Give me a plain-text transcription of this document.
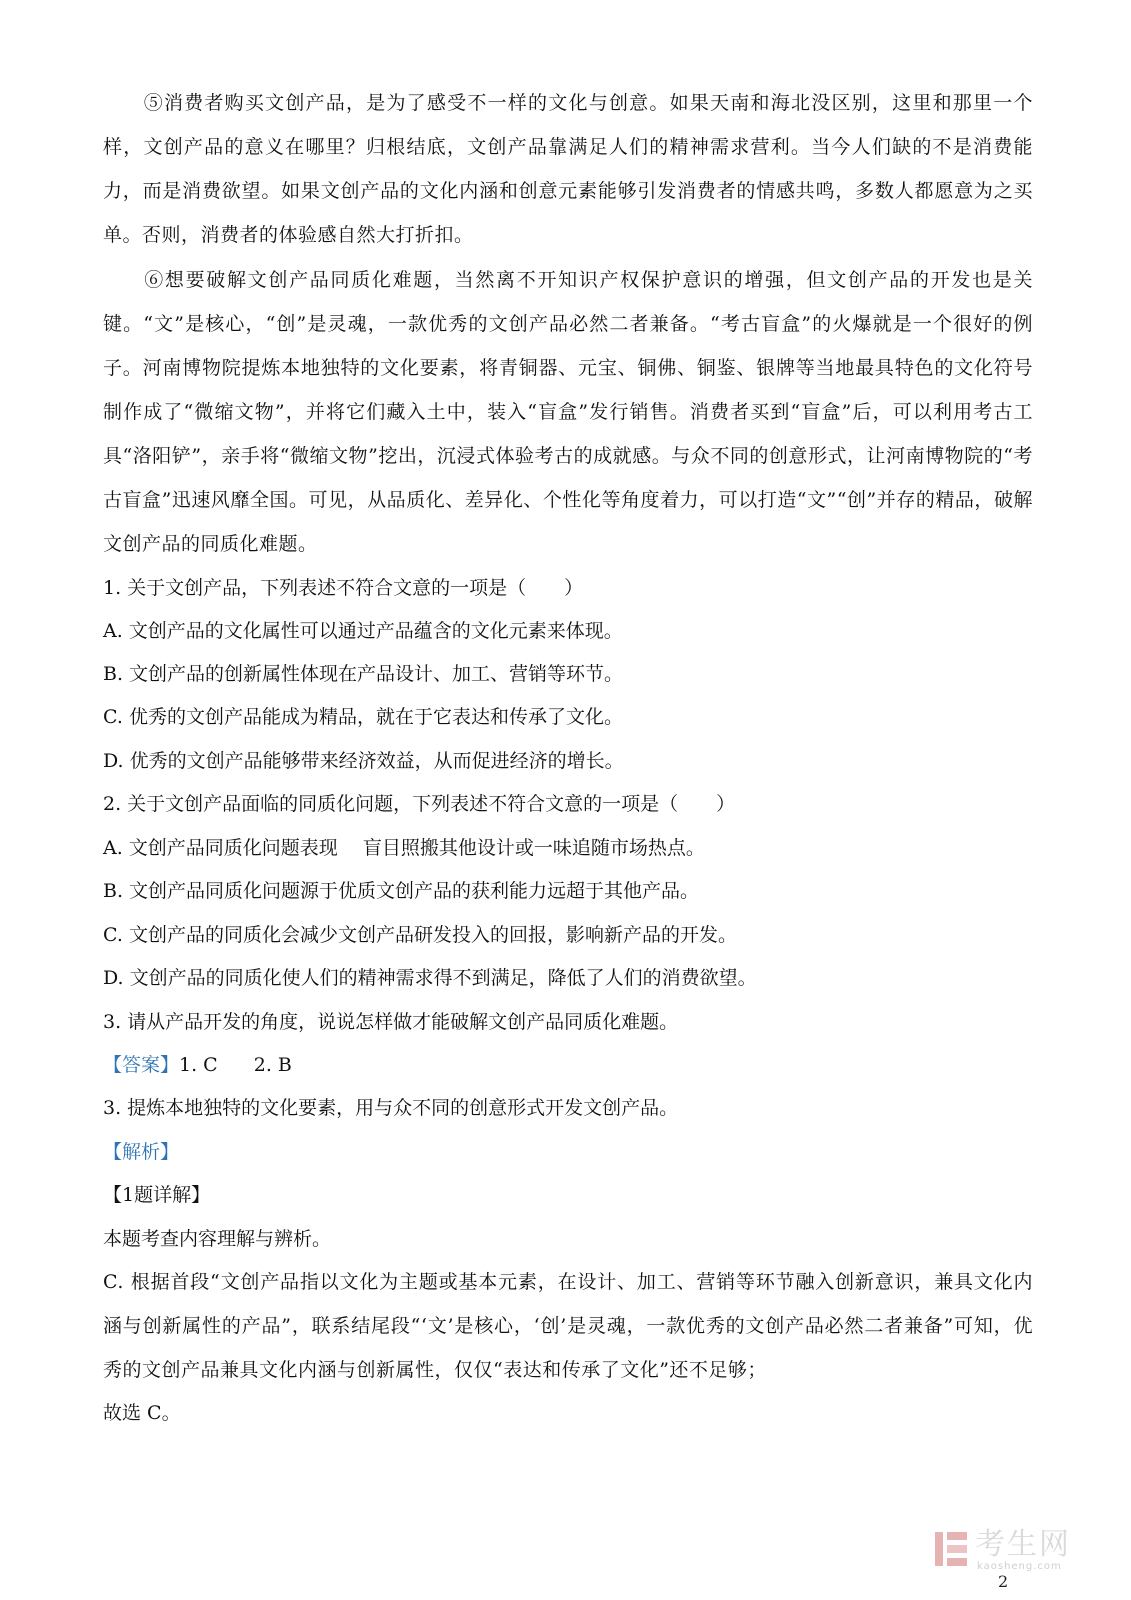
⑤消费者购买文创产品，是为了感受不一样的文化与创意。如果天南和海北没区别，这里和那里一个样，文创产品的意义在哪里？归根结底，文创产品靠满足人们的精神需求营利。当今人们缺的不是消费能力，而是消费欲望。如果文创产品的文化内涵和创意元素能够引发消费者的情感共鸣，多数人都愿意为之买单。否则，消费者的体验感自然大打折扣。

⑥想要破解文创产品同质化难题，当然离不开知识产权保护意识的增强，但文创产品的开发也是关键。“文”是核心，“创”是灵魂，一款优秀的文创产品必然二者兼备。“考古盲盒”的火爆就是一个很好的例子。河南博物院提炼本地独特的文化要素，将青铜器、元宝、铜佛、铜鉴、银牌等当地最具特色的文化符号制作成了“微缩文物”，并将它们藏入土中，装入“盲盒”发行销售。消费者买到“盲盒”后，可以利用考古工具“洛阳铲”，亲手将“微缩文物”挖出，沉浸式体验考古的成就感。与众不同的创意形式，让河南博物院的“考古盲盒”迅速风靡全国。可见，从品质化、差异化、个性化等角度着力，可以打造“文”“创”并存的精品，破解文创产品的同质化难题。

1. 关于文创产品，下列表述不符合文意的一项是（　　）
A. 文创产品的文化属性可以通过产品蕴含的文化元素来体现。
B. 文创产品的创新属性体现在产品设计、加工、营销等环节。
C. 优秀的文创产品能成为精品，就在于它表达和传承了文化。
D. 优秀的文创产品能够带来经济效益，从而促进经济的增长。
2. 关于文创产品面临的同质化问题，下列表述不符合文意的一项是（　　）
A. 文创产品同质化问题表现　 盲目照搬其他设计或一味追随市场热点。
B. 文创产品同质化问题源于优质文创产品的获利能力远超于其他产品。
C. 文创产品的同质化会减少文创产品研发投入的回报，影响新产品的开发。
D. 文创产品的同质化使人们的精神需求得不到满足，降低了人们的消费欲望。
3. 请从产品开发的角度，说说怎样做才能破解文创产品同质化难题。
【答案】1. C 2. B
3. 提炼本地独特的文化要素，用与众不同的创意形式开发文创产品。
【解析】
【1题详解】
本题考查内容理解与辨析。

C. 根据首段“文创产品指以文化为主题或基本元素，在设计、加工、营销等环节融入创新意识，兼具文化内涵与创新属性的产品”，联系结尾段“‘文’是核心，‘创’是灵魂，一款优秀的文创产品必然二者兼备”可知，优秀的文创产品兼具文化内涵与创新属性，仅仅“表达和传承了文化”还不足够；

故选 C。
考生网
kaosheng.com
2
